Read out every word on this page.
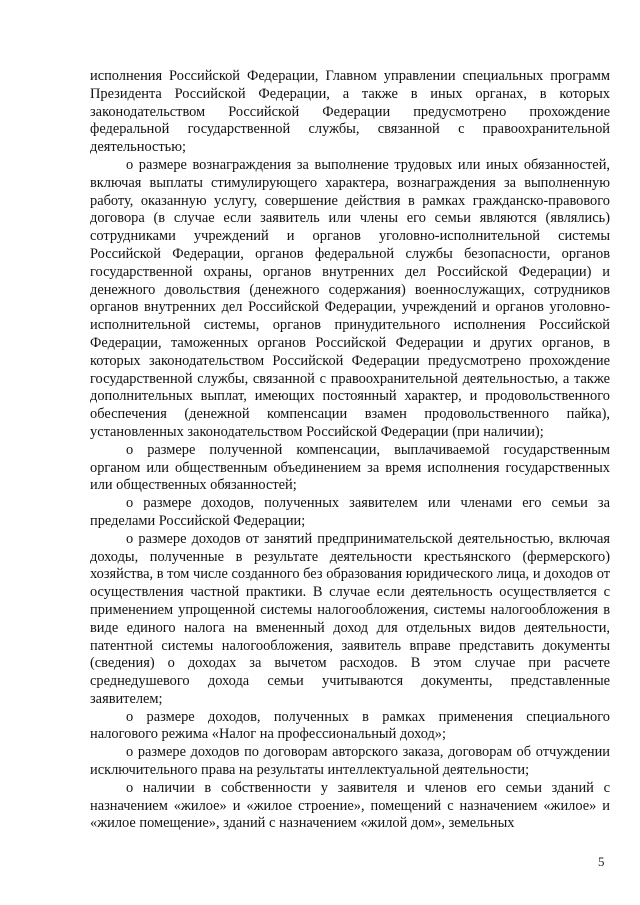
исполнения Российской Федерации, Главном управлении специальных программ Президента Российской Федерации, а также в иных органах, в которых законодательством Российской Федерации предусмотрено прохождение федеральной государственной службы, связанной с правоохранительной деятельностью;

о размере вознаграждения за выполнение трудовых или иных обязанностей, включая выплаты стимулирующего характера, вознаграждения за выполненную работу, оказанную услугу, совершение действия в рамках гражданско-правового договора (в случае если заявитель или члены его семьи являются (являлись) сотрудниками учреждений и органов уголовно-исполнительной системы Российской Федерации, органов федеральной службы безопасности, органов государственной охраны, органов внутренних дел Российской Федерации) и денежного довольствия (денежного содержания) военнослужащих, сотрудников органов внутренних дел Российской Федерации, учреждений и органов уголовно-исполнительной системы, органов принудительного исполнения Российской Федерации, таможенных органов Российской Федерации и других органов, в которых законодательством Российской Федерации предусмотрено прохождение государственной службы, связанной с правоохранительной деятельностью, а также дополнительных выплат, имеющих постоянный характер, и продовольственного обеспечения (денежной компенсации взамен продовольственного пайка), установленных законодательством Российской Федерации (при наличии);

о размере полученной компенсации, выплачиваемой государственным органом или общественным объединением за время исполнения государственных или общественных обязанностей;

о размере доходов, полученных заявителем или членами его семьи за пределами Российской Федерации;

о размере доходов от занятий предпринимательской деятельностью, включая доходы, полученные в результате деятельности крестьянского (фермерского) хозяйства, в том числе созданного без образования юридического лица, и доходов от осуществления частной практики. В случае если деятельность осуществляется с применением упрощенной системы налогообложения, системы налогообложения в виде единого налога на вмененный доход для отдельных видов деятельности, патентной системы налогообложения, заявитель вправе представить документы (сведения) о доходах за вычетом расходов. В этом случае при расчете среднедушевого дохода семьи учитываются документы, представленные заявителем;

о размере доходов, полученных в рамках применения специального налогового режима «Налог на профессиональный доход»;

о размере доходов по договорам авторского заказа, договорам об отчуждении исключительного права на результаты интеллектуальной деятельности;

о наличии в собственности у заявителя и членов его семьи зданий с назначением «жилое» и «жилое строение», помещений с назначением «жилое» и «жилое помещение», зданий с назначением «жилой дом», земельных

5
